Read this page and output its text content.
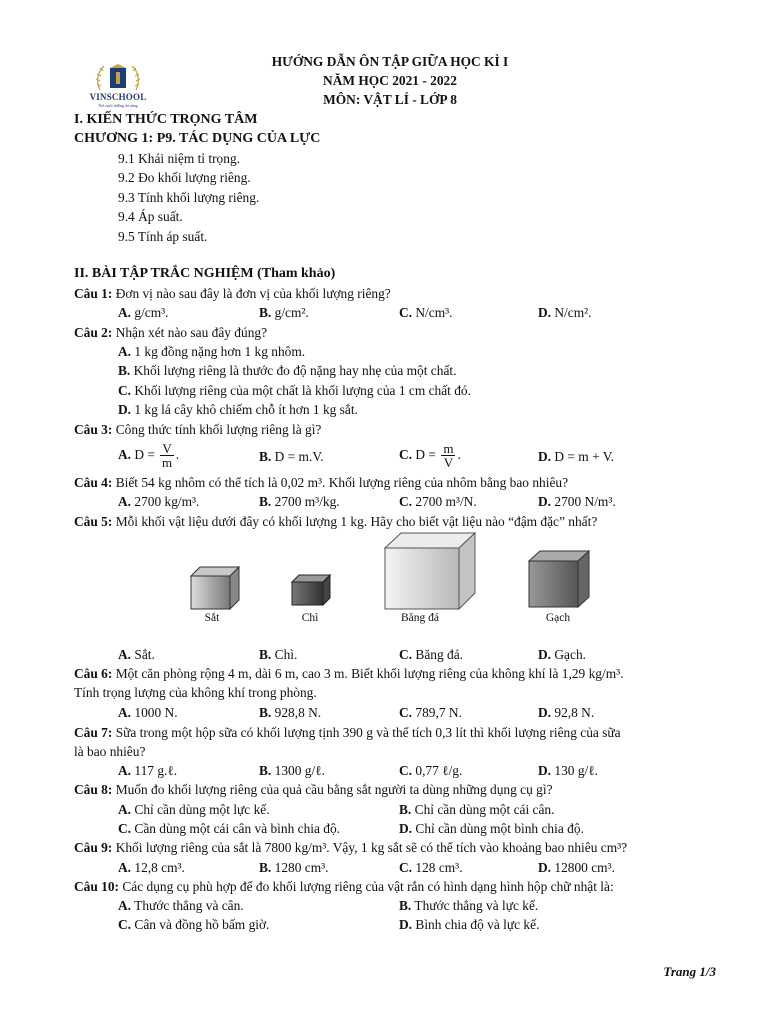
VINSCHOOL
Nơi nuôi dưỡng tài năng
HƯỚNG DẪN ÔN TẬP GIỮA HỌC KÌ I
NĂM HỌC 2021 - 2022
MÔN: VẬT LÍ - LỚP 8
I. KIẾN THỨC TRỌNG TÂM
CHƯƠNG 1: P9. TÁC DỤNG CỦA LỰC
9.1 Khái niệm tỉ trọng.
9.2 Đo khối lượng riêng.
9.3 Tính khối lượng riêng.
9.4 Áp suất.
9.5 Tính áp suất.
II. BÀI TẬP TRẮC NGHIỆM (Tham khảo)
Câu 1: Đơn vị nào sau đây là đơn vị của khối lượng riêng?
A. g/cm³.	B. g/cm².	C. N/cm³.	D. N/cm².
Câu 2: Nhận xét nào sau đây đúng?
A. 1 kg đồng nặng hơn 1 kg nhôm.
B. Khối lượng riêng là thước đo độ nặng hay nhẹ của một chất.
C. Khối lượng riêng của một chất là khối lượng của 1 cm chất đó.
D. 1 kg lá cây khô chiếm chỗ ít hơn 1 kg sắt.
Câu 3: Công thức tính khối lượng riêng là gì?
A. $D = \frac{V}{m}$ .	B. D = m.V.	C. $D = \frac{m}{V}$ .	D. D = m + V.
Câu 4: Biết 54 kg nhôm có thể tích là 0,02 m³. Khối lượng riêng của nhôm bằng bao nhiêu?
A. 2700 kg/m³.	B. 2700 m³/kg.	C. 2700 m³/N.	D. 2700 N/m³.
Câu 5: Mỗi khối vật liệu dưới đây có khối lượng 1 kg. Hãy cho biết vật liệu nào “đậm đặc” nhất?
Sắt	Chì	Băng đá	Gạch
A. Sắt.	B. Chì.	C. Băng đá.	D. Gạch.
Câu 6: Một căn phòng rộng 4 m, dài 6 m, cao 3 m. Biết khối lượng riêng của không khí là 1,29 kg/m³.
Tính trọng lượng của không khí trong phòng.
A. 1000 N.	B. 928,8 N.	C. 789,7 N.	D. 92,8 N.
Câu 7: Sữa trong một hộp sữa có khối lượng tịnh 390 g và thể tích 0,3 lít thì khối lượng riêng của sữa
là bao nhiêu?
A. 117 g.ℓ.	B. 1300 g/ℓ.	C. 0,77 ℓ/g.	D. 130 g/ℓ.
Câu 8: Muốn đo khối lượng riêng của quả cầu bằng sắt người ta dùng những dụng cụ gì?
A. Chỉ cần dùng một lực kế.	B. Chỉ cần dùng một cái cân.
C. Cần dùng một cái cân và bình chia độ.	D. Chỉ cần dùng một bình chia độ.
Câu 9: Khối lượng riêng của sắt là 7800 kg/m³. Vậy, 1 kg sắt sẽ có thể tích vào khoảng bao nhiêu cm³?
A. 12,8 cm³.	B. 1280 cm³.	C. 128 cm³.	D. 12800 cm³.
Câu 10: Các dụng cụ phù hợp để đo khối lượng riêng của vật rắn có hình dạng hình hộp chữ nhật là:
A. Thước thẳng và cân.	B. Thước thẳng và lực kế.
C. Cân và đồng hồ bấm giờ.	D. Bình chia độ và lực kế.
Trang 1/3
